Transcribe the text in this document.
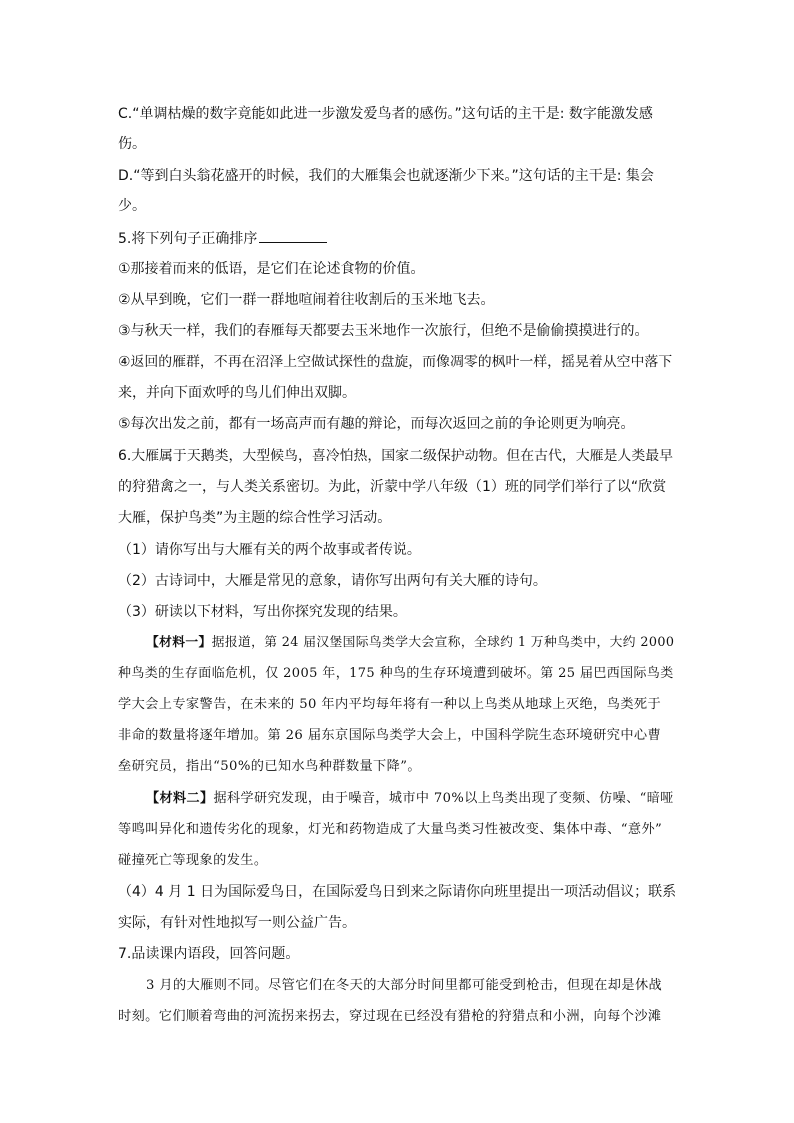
C.“单调枯燥的数字竟能如此进一步激发爱鸟者的感伤。”这句话的主干是: 数字能激发感
伤。
D.“等到白头翁花盛开的时候，我们的大雁集会也就逐渐少下来。”这句话的主干是: 集会
少。
5.将下列句子正确排序
①那接着而来的低语，是它们在论述食物的价值。
②从早到晚，它们一群一群地喧闹着往收割后的玉米地飞去。
③与秋天一样，我们的春雁每天都要去玉米地作一次旅行，但绝不是偷偷摸摸进行的。
④返回的雁群，不再在沼泽上空做试探性的盘旋，而像凋零的枫叶一样，摇晃着从空中落下
来，并向下面欢呼的鸟儿们伸出双脚。
⑤每次出发之前，都有一场高声而有趣的辩论，而每次返回之前的争论则更为响亮。
6.大雁属于天鹅类，大型候鸟，喜冷怕热，国家二级保护动物。但在古代，大雁是人类最早
的狩猎禽之一，与人类关系密切。为此，沂蒙中学八年级（1）班的同学们举行了以“欣赏
大雁，保护鸟类”为主题的综合性学习活动。
（1）请你写出与大雁有关的两个故事或者传说。
（2）古诗词中，大雁是常见的意象，请你写出两句有关大雁的诗句。
（3）研读以下材料，写出你探究发现的结果。
【材料一】据报道，第 24 届汉堡国际鸟类学大会宣称，全球约 1 万种鸟类中，大约 2000
种鸟类的生存面临危机，仅 2005 年，175 种鸟的生存环境遭到破坏。第 25 届巴西国际鸟类
学大会上专家警告，在未来的 50 年内平均每年将有一种以上鸟类从地球上灭绝，鸟类死于
非命的数量将逐年增加。第 26 届东京国际鸟类学大会上，中国科学院生态环境研究中心曹
垒研究员，指出“50%的已知水鸟种群数量下降”。
【材料二】据科学研究发现，由于噪音，城市中 70%以上鸟类出现了变频、仿噪、“暗哑
等鸣叫异化和遗传劣化的现象，灯光和药物造成了大量鸟类习性被改变、集体中毒、“意外”
碰撞死亡等现象的发生。
（4）4 月 1 日为国际爱鸟日，在国际爱鸟日到来之际请你向班里提出一项活动倡议；联系
实际，有针对性地拟写一则公益广告。
7.品读课内语段，回答问题。
3 月的大雁则不同。尽管它们在冬天的大部分时间里都可能受到枪击，但现在却是休战
时刻。它们顺着弯曲的河流拐来拐去，穿过现在已经没有猎枪的狩猎点和小洲，向每个沙滩
